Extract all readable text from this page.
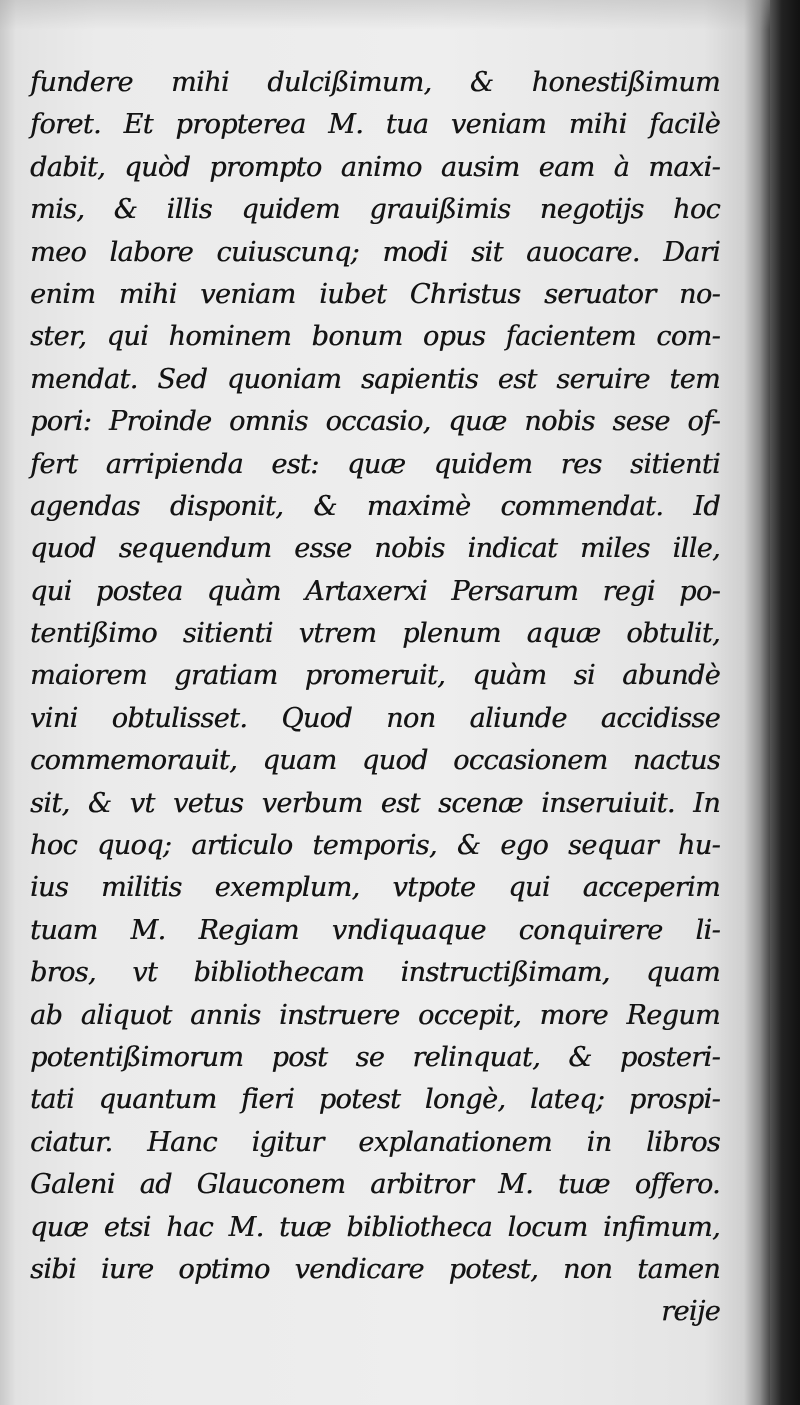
fundere mihi dulcißimum, & honestißimum
foret. Et propterea M. tua veniam mihi facilè
dabit, quòd prompto animo ausim eam à maxi-
mis, & illis quidem grauißimis negotijs hoc
meo labore cuiuscunq; modi sit auocare. Dari
enim mihi veniam iubet Christus seruator no-
ster, qui hominem bonum opus facientem com-
mendat. Sed quoniam sapientis est seruire tem
pori: Proinde omnis occasio, quæ nobis sese of-
fert arripienda est: quæ quidem res sitienti
agendas disponit, & maximè commendat. Id
quod sequendum esse nobis indicat miles ille,
qui postea quàm Artaxerxi Persarum regi po-
tentißimo sitienti vtrem plenum aquæ obtulit,
maiorem gratiam promeruit, quàm si abundè
vini obtulisset. Quod non aliunde accidisse
commemorauit, quam quod occasionem nactus
sit, & vt vetus verbum est scenæ inseruiuit. In
hoc quoq; articulo temporis, & ego sequar hu-
ius militis exemplum, vtpote qui acceperim
tuam M. Regiam vndiquaque conquirere li-
bros, vt bibliothecam instructißimam, quam
ab aliquot annis instruere occepit, more Regum
potentißimorum post se relinquat, & posteri-
tati quantum fieri potest longè, lateq; prospi-
ciatur. Hanc igitur explanationem in libros
Galeni ad Glauconem arbitror M. tuæ offero.
quæ etsi hac M. tuæ bibliotheca locum infimum,
sibi iure optimo vendicare potest, non tamen
reije
